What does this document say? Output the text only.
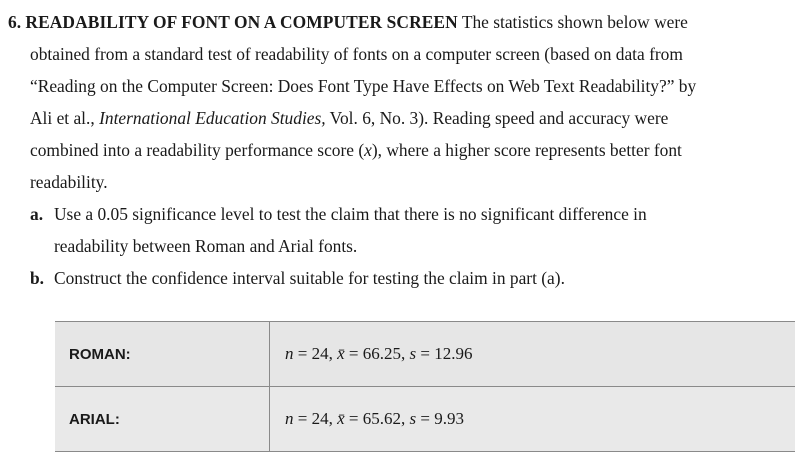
6. READABILITY OF FONT ON A COMPUTER SCREEN The statistics shown below were
obtained from a standard test of readability of fonts on a computer screen (based on data from
“Reading on the Computer Screen: Does Font Type Have Effects on Web Text Readability?” by
Ali et al., International Education Studies, Vol. 6, No. 3). Reading speed and accuracy were
combined into a readability performance score (x), where a higher score represents better font
readability.
a. Use a 0.05 significance level to test the claim that there is no significant difference in
readability between Roman and Arial fonts.
b. Construct the confidence interval suitable for testing the claim in part (a).
ROMAN:	n = 24, x̄ = 66.25, s = 12.96
ARIAL:	n = 24, x̄ = 65.62, s = 9.93
